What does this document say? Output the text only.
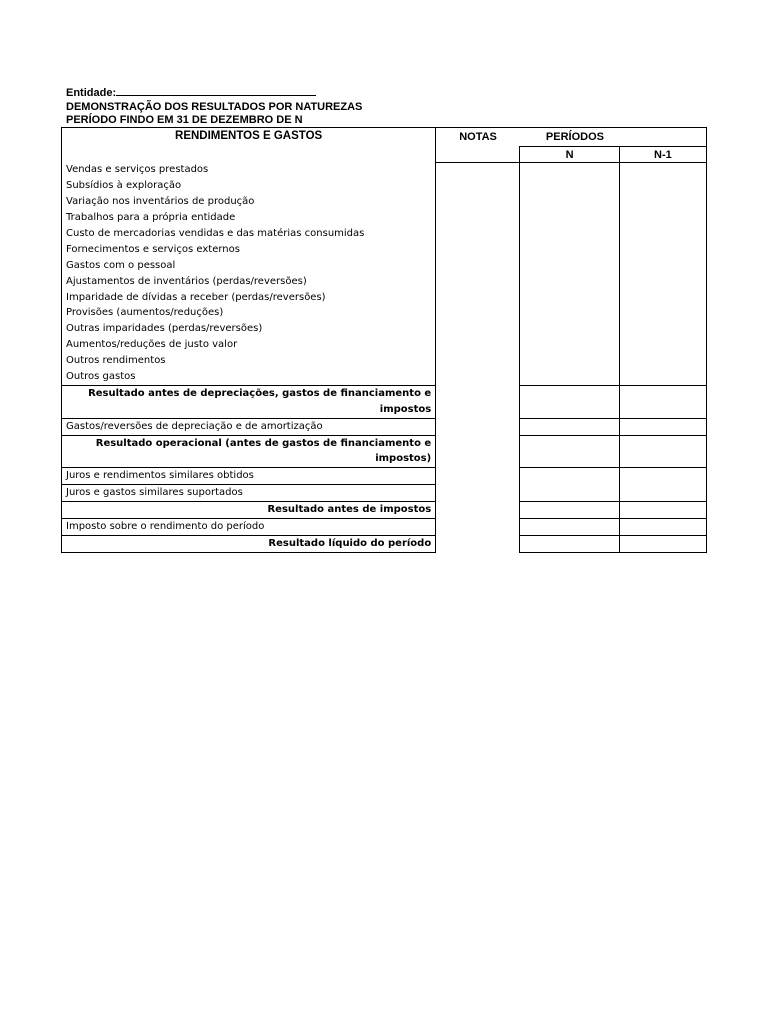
Entidade:
DEMONSTRAÇÃO DOS RESULTADOS POR NATUREZAS
PERÍODO FINDO EM 31 DE DEZEMBRO DE N
RENDIMENTOS E GASTOS	NOTAS	PERÍODOS	
		N	N-1
Vendas e serviços prestados			
Subsídios à exploração			
Variação nos inventários de produção			
Trabalhos para a própria entidade			
Custo de mercadorias vendidas e das matérias consumidas			
Fornecimentos e serviços externos			
Gastos com o pessoal			
Ajustamentos de inventários (perdas/reversões)			
Imparidade de dívidas a receber (perdas/reversões)			
Provisões (aumentos/reduções)			
Outras imparidades (perdas/reversões)			
Aumentos/reduções de justo valor			
Outros rendimentos			
Outros gastos			
Resultado antes de depreciações, gastos de financiamento e			
impostos			
Gastos/reversões de depreciação e de amortização			
Resultado operacional (antes de gastos de financiamento e			
impostos)			
Juros e rendimentos similares obtidos			
Juros e gastos similares suportados			
Resultado antes de impostos			
Imposto sobre o rendimento do período			
Resultado líquido do período			
